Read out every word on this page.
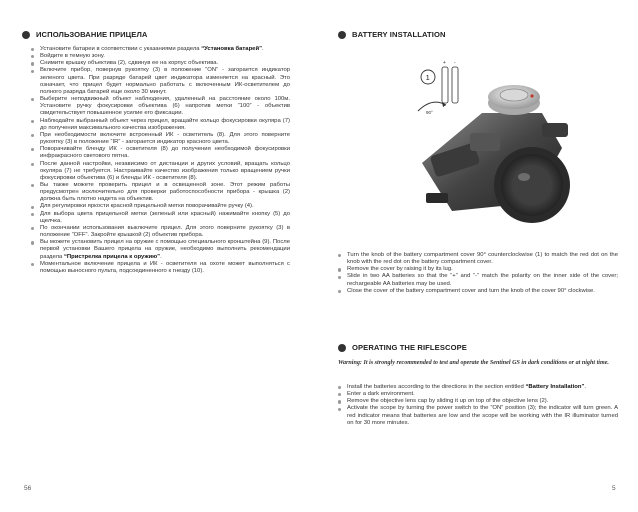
ИСПОЛЬЗОВАНИЕ ПРИЦЕЛА
Установите батареи в соответствии с указаниями раздела “Установка батарей”.
Войдите в темную зону.
Снимите крышку объектива (2), сдвинув ее на корпус объектива.
Включите прибор, повернув рукоятку (3) в положение “ON” - загорается индикатор зеленого цвета. При разряде батарей цвет индикатора изменяется на красный. Это означает, что прицел будет нормально работать с включенным ИК-осветителем до полного разряда батарей еще около 30 минут.
Выберите неподвижный объект наблюдения, удаленный на расстояние около 100м. Установите ручку фокусировки объектива (6) напротив метки “100” - объектив свидетельствует повышенное усилие его фиксации.
Наблюдайте выбранный объект через прицел, вращайте кольцо фокусировки окуляра (7) до получения максимального качества изображения.
При необходимости включите встроенный ИК - осветитель (8). Для этого поверните рукоятку (3) в положение “IR” - загорается индикатор красного цвета.
Поворачивайте бленду ИК - осветителя (8) до получения необходимой фокусировки инфракрасного светового пятна.
После данной настройки, независимо от дистанции и других условий, вращать кольцо окуляра (7) не требуется. Настраивайте качество изображения только вращением ручки фокусировки объектива (6) и бленды ИК - осветителя (8).
Вы также можете проверить прицел и в освещенной зоне. Этот режим работы предусмотрен исключительно для проверки работоспособности прибора - крышка (2) должна быть плотно надета на объектив.
Для регулировки яркости красной прицельной метки поворачивайте ручку (4).
Для выбора цвета прицельной метки (зеленый или красный) нажимайте кнопку (5) до щелчка.
По окончании использования выключите прицел. Для этого поверните рукоятку (3) в положение “OFF”. Закройте крышкой (2) объектив прибора.
Вы можете установить прицел на оружие с помощью специального кронштейна (9). После первой установки Вашего прицела на оружие, необходимо выполнить рекомендации раздела “Пристрелка прицела к оружию”.
Моментальное включение прицела и ИК - осветителя на охоте может выполняться с помощью выносного пульта, подсоединенного к гнезду (10).
56
BATTERY INSTALLATION
Turn the knob of the battery compartment cover 90° counterclockwise (1) to match the red dot on the knob with the red dot on the battery compartment cover.
Remove the cover by raising it by its lug.
Slide in two AA batteries so that the “+” and “-” match the polarity on the inner side of the cover; rechargeable AA batteries may be used.
Close the cover of the battery compartment cover and turn the knob of the cover 90° clockwise.
OPERATING THE RIFLESCOPE
Warning: It is strongly recommended to test and operate the Sentinel GS in dark conditions or at night time.
Install the batteries according to the directions in the section entitled “Battery Installation”.
Enter a dark environment.
Remove the objective lens cap by sliding it up on top of the objective lens (2).
Activate the scope by turning the power switch to the “ON” position (3); the indicator will turn green. A red indicator means that batteries are low and the scope will be working with the IR illuminator turned on for 30 more minutes.
5
+ -
90°
1
